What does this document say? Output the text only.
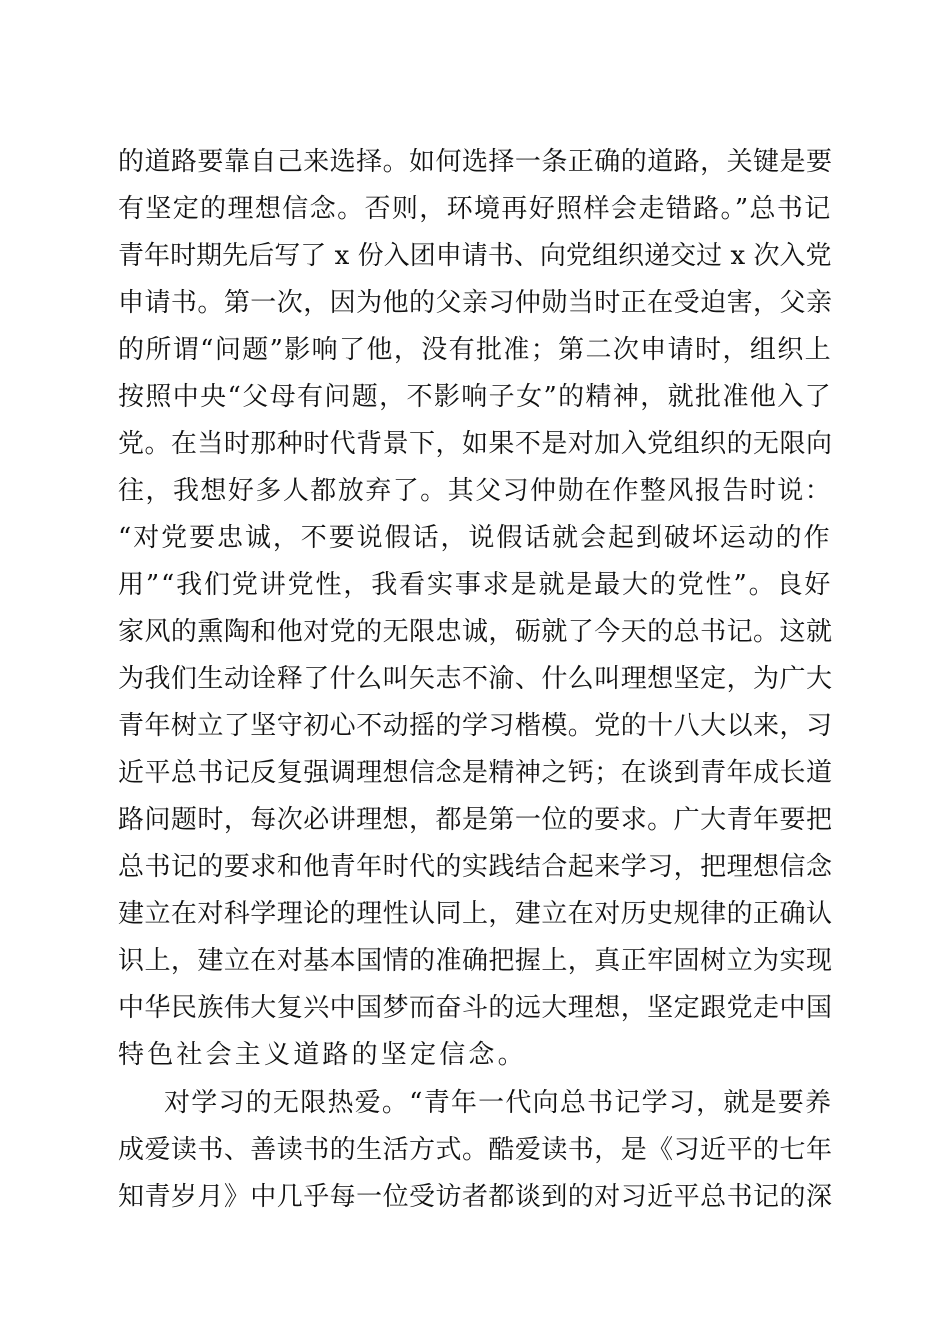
的道路要靠自己来选择。如何选择一条正确的道路，关键是要
有坚定的理想信念。否则，环境再好照样会走错路。”总书记
青年时期先后写了 x 份入团申请书、向党组织递交过 x 次入党
申请书。第一次，因为他的父亲习仲勋当时正在受迫害，父亲
的所谓“问题”影响了他，没有批准；第二次申请时，组织上
按照中央“父母有问题，不影响子女”的精神，就批准他入了
党。在当时那种时代背景下，如果不是对加入党组织的无限向
往，我想好多人都放弃了。其父习仲勋在作整风报告时说：
“对党要忠诚，不要说假话，说假话就会起到破坏运动的作
用”“我们党讲党性，我看实事求是就是最大的党性”。良好
家风的熏陶和他对党的无限忠诚，砺就了今天的总书记。这就
为我们生动诠释了什么叫矢志不渝、什么叫理想坚定，为广大
青年树立了坚守初心不动摇的学习楷模。党的十八大以来，习
近平总书记反复强调理想信念是精神之钙；在谈到青年成长道
路问题时，每次必讲理想，都是第一位的要求。广大青年要把
总书记的要求和他青年时代的实践结合起来学习，把理想信念
建立在对科学理论的理性认同上，建立在对历史规律的正确认
识上，建立在对基本国情的准确把握上，真正牢固树立为实现
中华民族伟大复兴中国梦而奋斗的远大理想，坚定跟党走中国
特色社会主义道路的坚定信念。
对学习的无限热爱。“青年一代向总书记学习，就是要养
成爱读书、善读书的生活方式。酷爱读书，是《习近平的七年
知青岁月》中几乎每一位受访者都谈到的对习近平总书记的深
